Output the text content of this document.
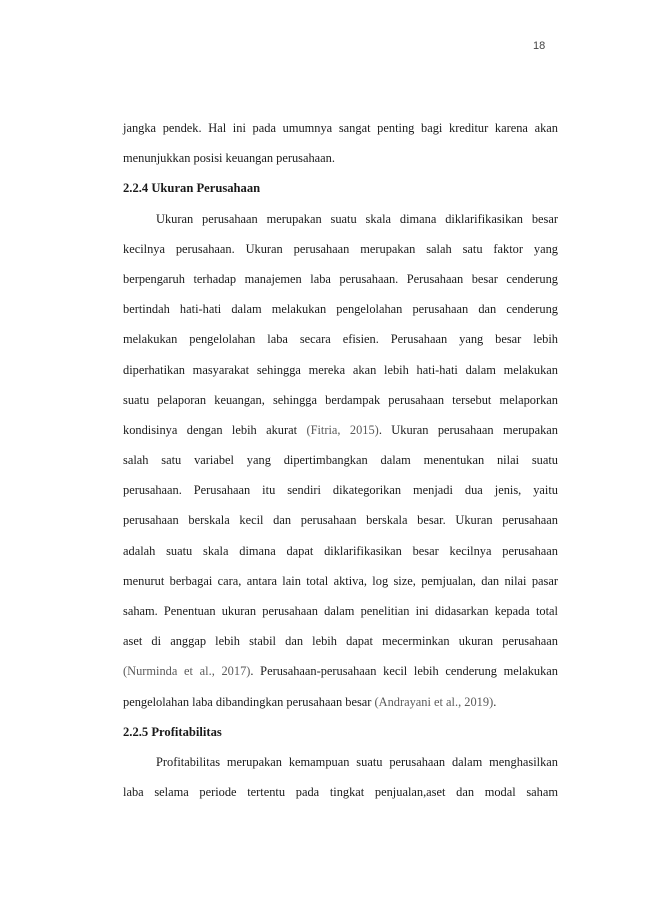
18
jangka pendek. Hal ini pada umumnya sangat penting bagi kreditur karena akan
menunjukkan posisi keuangan perusahaan.
2.2.4 Ukuran Perusahaan
Ukuran perusahaan merupakan suatu skala dimana diklarifikasikan besar
kecilnya perusahaan. Ukuran perusahaan merupakan salah satu faktor yang
berpengaruh terhadap manajemen laba perusahaan. Perusahaan besar cenderung
bertindah hati-hati dalam melakukan pengelolahan perusahaan dan cenderung
melakukan pengelolahan laba secara efisien. Perusahaan yang besar lebih
diperhatikan masyarakat sehingga mereka akan lebih hati-hati dalam melakukan
suatu pelaporan keuangan, sehingga berdampak perusahaan tersebut melaporkan
kondisinya dengan lebih akurat (Fitria, 2015). Ukuran perusahaan merupakan
salah satu variabel yang dipertimbangkan dalam menentukan nilai suatu
perusahaan. Perusahaan itu sendiri dikategorikan menjadi dua jenis, yaitu
perusahaan berskala kecil dan perusahaan berskala besar. Ukuran perusahaan
adalah suatu skala dimana dapat diklarifikasikan besar kecilnya perusahaan
menurut berbagai cara, antara lain total aktiva, log size, pemjualan, dan nilai pasar
saham. Penentuan ukuran perusahaan dalam penelitian ini didasarkan kepada total
aset di anggap lebih stabil dan lebih dapat mecerminkan ukuran perusahaan
(Nurminda et al., 2017). Perusahaan-perusahaan kecil lebih cenderung melakukan
pengelolahan laba dibandingkan perusahaan besar (Andrayani et al., 2019).
2.2.5 Profitabilitas
Profitabilitas merupakan kemampuan suatu perusahaan dalam menghasilkan
laba selama periode tertentu pada tingkat penjualan,aset dan modal saham
